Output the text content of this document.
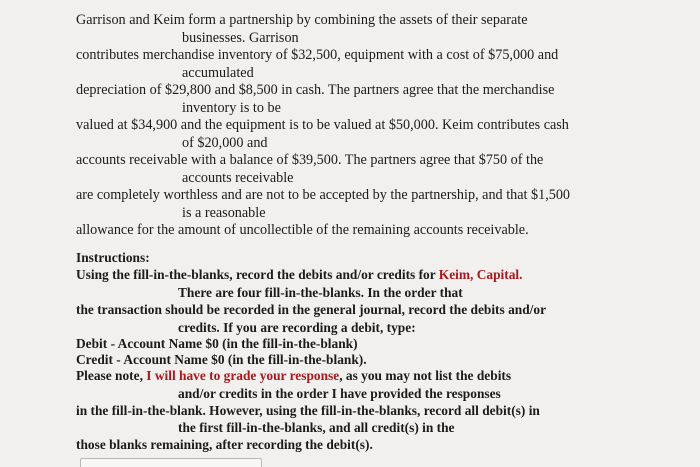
Garrison and Keim form a partnership by combining the assets of their separate
businesses. Garrison
contributes merchandise inventory of $32,500, equipment with a cost of $75,000 and
accumulated
depreciation of $29,800 and $8,500 in cash. The partners agree that the merchandise
inventory is to be
valued at $34,900 and the equipment is to be valued at $50,000. Keim contributes cash
of $20,000 and
accounts receivable with a balance of $39,500. The partners agree that $750 of the
accounts receivable
are completely worthless and are not to be accepted by the partnership, and that $1,500
is a reasonable
allowance for the amount of uncollectible of the remaining accounts receivable.
Instructions:
Using the fill-in-the-blanks, record the debits and/or credits for Keim, Capital.
There are four fill-in-the-blanks. In the order that
the transaction should be recorded in the general journal, record the debits and/or
credits. If you are recording a debit, type:
Debit - Account Name $0 (in the fill-in-the-blank)
Credit - Account Name $0 (in the fill-in-the-blank).
Please note, I will have to grade your response, as you may not list the debits
and/or credits in the order I have provided the responses
in the fill-in-the-blank. However, using the fill-in-the-blanks, record all debit(s) in
the first fill-in-the-blanks, and all credit(s) in the
those blanks remaining, after recording the debit(s).
